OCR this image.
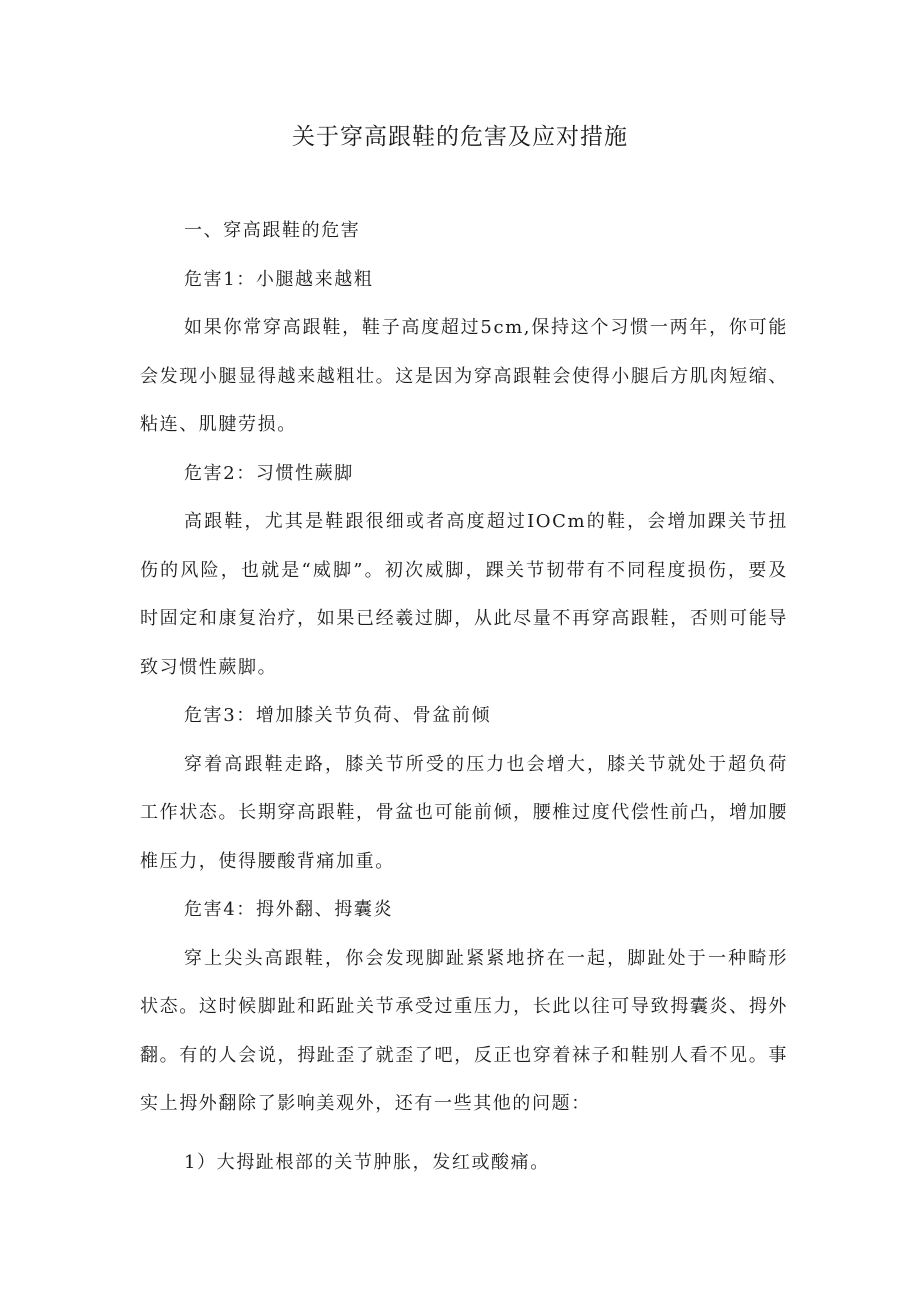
关于穿高跟鞋的危害及应对措施

一、穿高跟鞋的危害

危害1：小腿越来越粗

如果你常穿高跟鞋，鞋子高度超过5cm,保持这个习惯一两年，你可能会发现小腿显得越来越粗壮。这是因为穿高跟鞋会使得小腿后方肌肉短缩、粘连、肌腱劳损。

危害2：习惯性蕨脚

高跟鞋，尤其是鞋跟很细或者高度超过IOCm的鞋，会增加踝关节扭伤的风险，也就是“威脚”。初次威脚，踝关节韧带有不同程度损伤，要及时固定和康复治疗，如果已经羲过脚，从此尽量不再穿高跟鞋，否则可能导致习惯性蕨脚。

危害3：增加膝关节负荷、骨盆前倾

穿着高跟鞋走路，膝关节所受的压力也会增大，膝关节就处于超负荷工作状态。长期穿高跟鞋，骨盆也可能前倾，腰椎过度代偿性前凸，增加腰椎压力，使得腰酸背痛加重。

危害4：拇外翻、拇囊炎

穿上尖头高跟鞋，你会发现脚趾紧紧地挤在一起，脚趾处于一种畸形状态。这时候脚趾和跖趾关节承受过重压力，长此以往可导致拇囊炎、拇外翻。有的人会说，拇趾歪了就歪了吧，反正也穿着袜子和鞋别人看不见。事实上拇外翻除了影响美观外，还有一些其他的问题：

1）大拇趾根部的关节肿胀，发红或酸痛。
